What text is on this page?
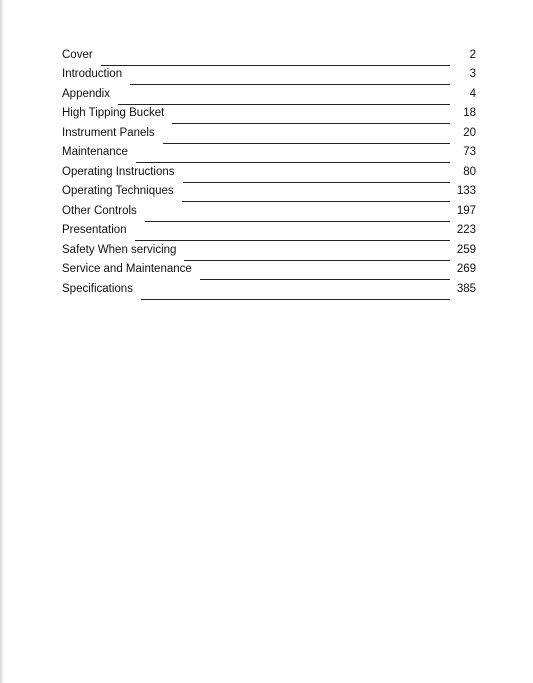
Cover	2
Introduction	3
Appendix	4
High Tipping Bucket	18
Instrument Panels	20
Maintenance	73
Operating Instructions	80
Operating Techniques	133
Other Controls	197
Presentation	223
Safety When servicing	259
Service and Maintenance	269
Specifications	385
